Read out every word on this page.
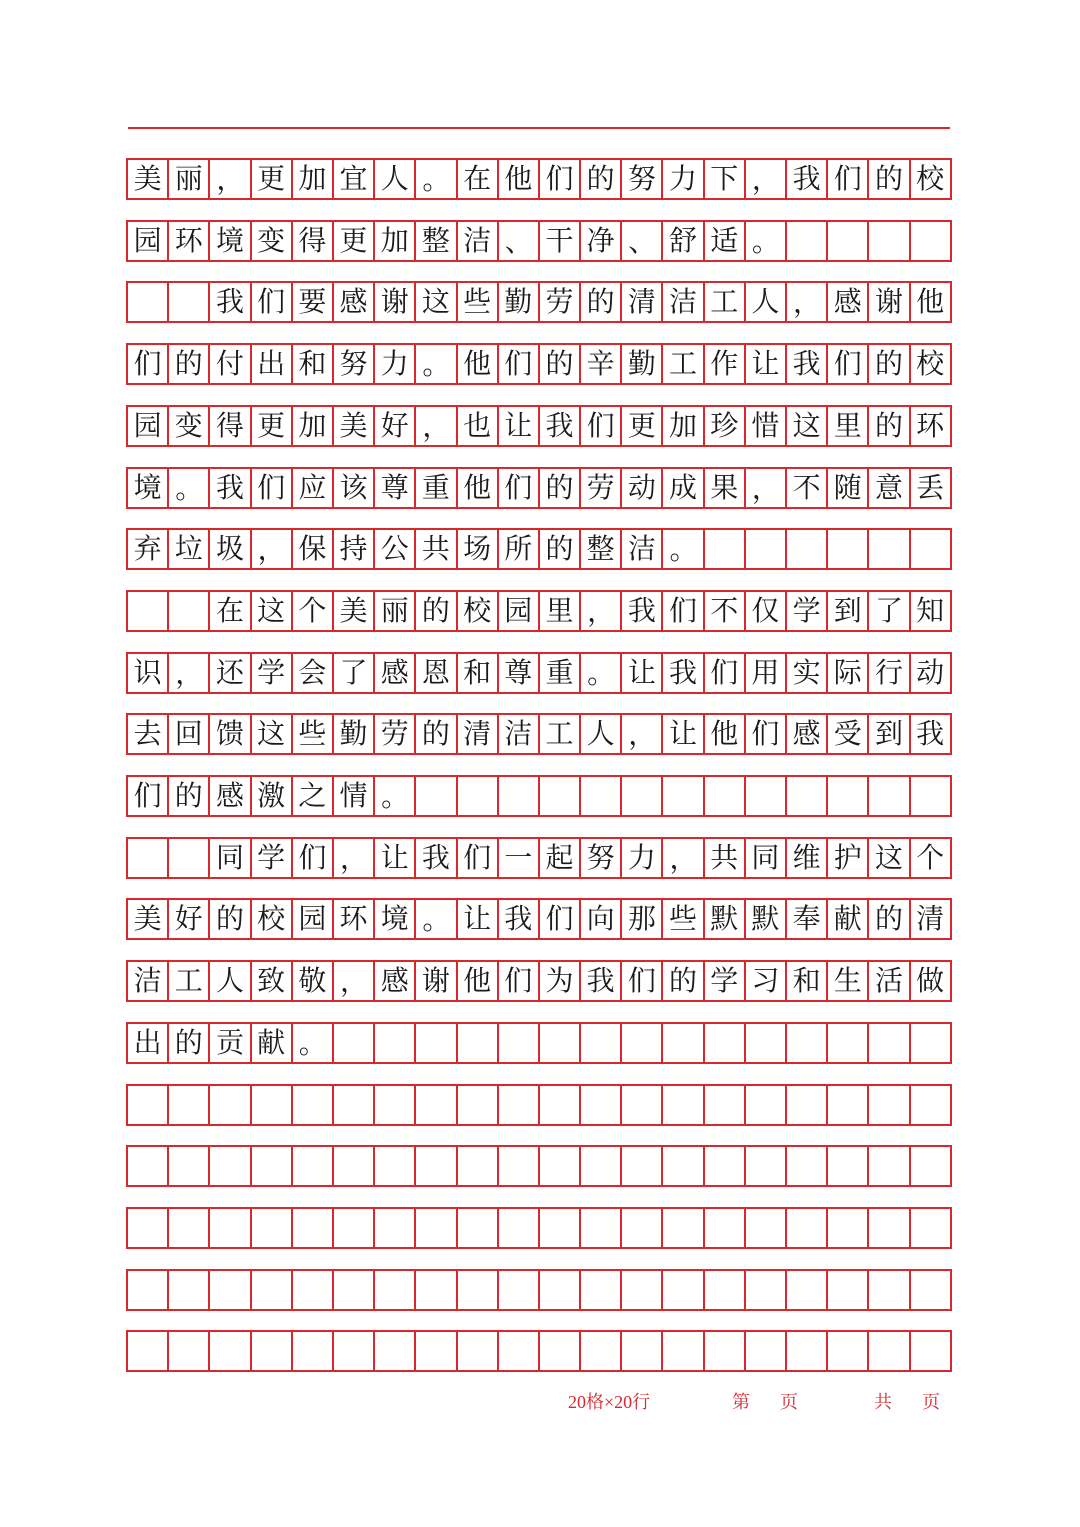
美 丽 ， 更 加 宜 人 。 在 他 们 的 努 力 下 ， 我 们 的 校
园 环 境 变 得 更 加 整 洁 、 干 净 、 舒 适 。
我 们 要 感 谢 这 些 勤 劳 的 清 洁 工 人 ， 感 谢 他
们 的 付 出 和 努 力 。 他 们 的 辛 勤 工 作 让 我 们 的 校
园 变 得 更 加 美 好 ， 也 让 我 们 更 加 珍 惜 这 里 的 环
境 。 我 们 应 该 尊 重 他 们 的 劳 动 成 果 ， 不 随 意 丢
弃 垃 圾 ， 保 持 公 共 场 所 的 整 洁 。
在 这 个 美 丽 的 校 园 里 ， 我 们 不 仅 学 到 了 知
识 ， 还 学 会 了 感 恩 和 尊 重 。 让 我 们 用 实 际 行 动
去 回 馈 这 些 勤 劳 的 清 洁 工 人 ， 让 他 们 感 受 到 我
们 的 感 激 之 情 。
同 学 们 ， 让 我 们 一 起 努 力 ， 共 同 维 护 这 个
美 好 的 校 园 环 境 。 让 我 们 向 那 些 默 默 奉 献 的 清
洁 工 人 致 敬 ， 感 谢 他 们 为 我 们 的 学 习 和 生 活 做
出 的 贡 献 。
20格×20行	第 页	共 页
